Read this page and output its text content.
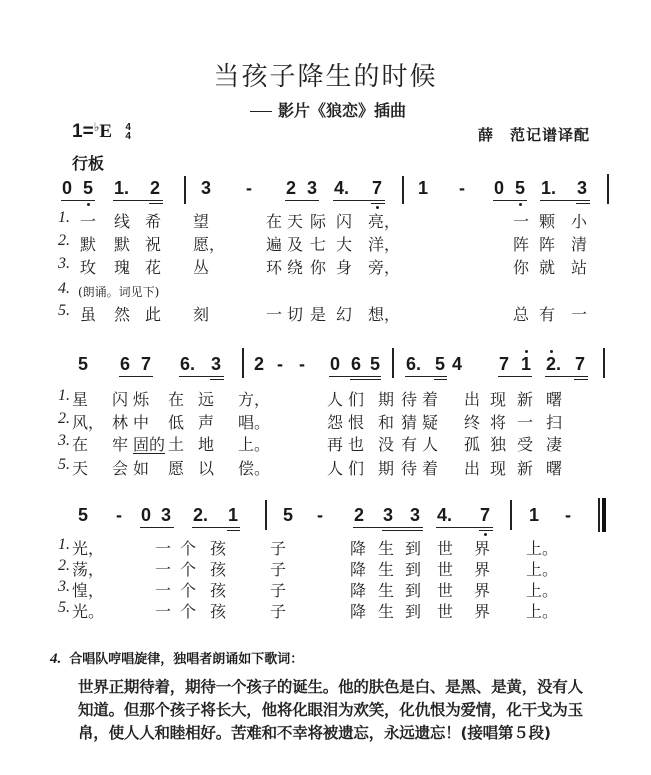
当孩子降生的时候
影片《狼恋》插曲
1=♭E 4
4	薛　范记谱译配
行板
0 5 1. 2 3 - 2 3 4. 7 1 - 0 5 1. 3
1. 一 线 希 望	在 天 际 闪 亮，	一 颗 小
2. 默 默 祝 愿，	遍 及 七 大 洋，	阵 阵 清
3. 玫 瑰 花 丛	环 绕 你 身 旁，	你 就 站
4. (朗诵。词见下)
5. 虽 然 此 刻	一 切 是 幻 想，	总 有 一
5 6 7 6. 3 2 - - 0 6 5 6. 5 4 7 1 2. 7
1. 星 闪 烁 在 远 方，	人 们 期 待 着 出 现 新 曙
2. 风， 林 中 低 声 唱。	怨 恨 和 猜 疑 终 将 一 扫
3. 在 牢 固的 土 地 上。	再 也 没 有 人 孤 独 受 凄
5. 天 会 如 愿 以 偿。	人 们 期 待 着 出 现 新 曙
5 - 0 3 2. 1 5 - 2 3 3 4. 7 1 -
1. 光，	一 个 孩	子	降 生 到 世 界 上。
2. 荡，	一 个 孩	子	降 生 到 世 界 上。
3. 惶，	一 个 孩	子	降 生 到 世 界 上。
5. 光。	一 个 孩	子	降 生 到 世 界 上。
4. 合唱队哼唱旋律，独唱者朗诵如下歌词：
世界正期待着，期待一个孩子的诞生。他的肤色是白、是黑、是黄，没有人
知道。但那个孩子将长大，他将化眼泪为欢笑，化仇恨为爱情，化干戈为玉
帛，使人人和睦相好。苦难和不幸将被遗忘，永远遗忘！(接唱第５段)
